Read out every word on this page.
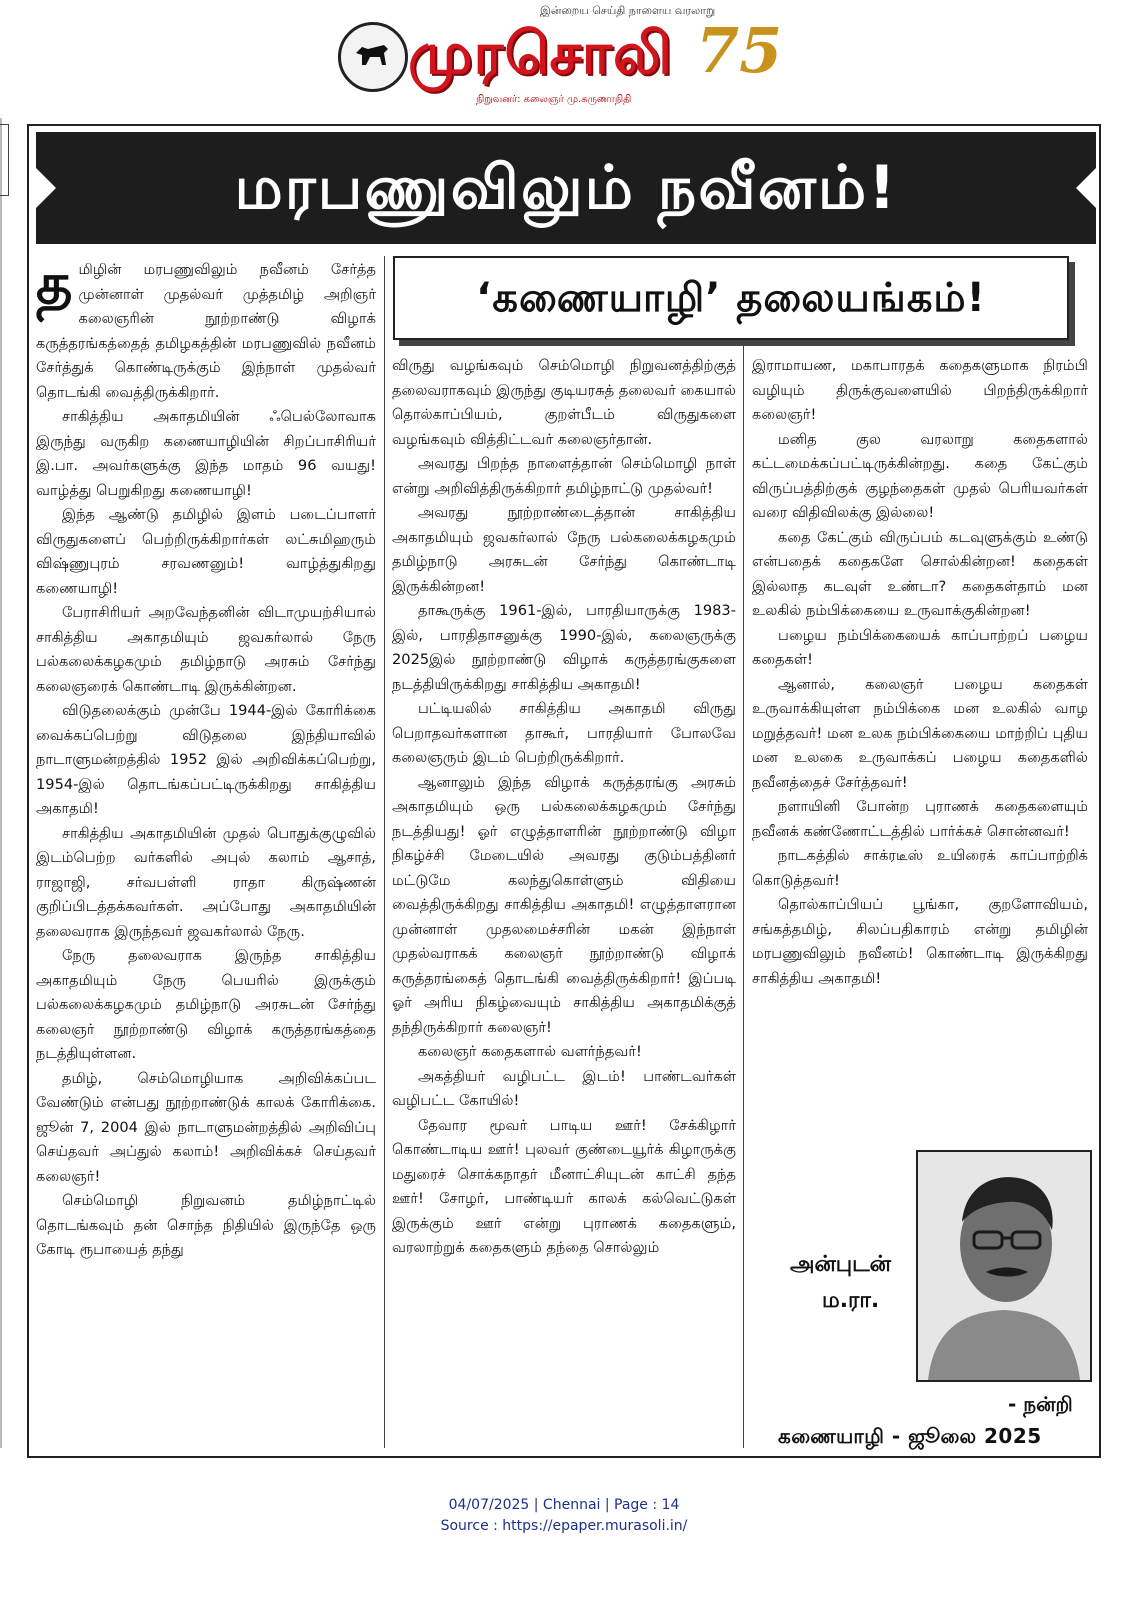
இன்றைய செய்தி நாளைய வரலாறு
முரசொலி
நிறுவனர்: கலைஞர் மு.கருணாநிதி
75
மரபணுவிலும் நவீனம்!
‘கணையாழி’ தலையங்கம்!

தமிழின் மரபணுவிலும் நவீனம் சேர்த்த முன்னாள் முதல்வர் முத்தமிழ் அறிஞர் கலைஞரின் நூற்றாண்டு விழாக் கருத்தரங்கத்தைத் தமிழகத்தின் மரபணுவில் நவீனம் சேர்த்துக் கொண்டிருக்கும் இந்நாள் முதல்வர் தொடங்கி வைத்திருக்கிறார்.

சாகித்திய அகாதமியின் ஃபெல்லோவாக இருந்து வருகிற கணையாழியின் சிறப்பாசிரியர் இ.பா. அவர்களுக்கு இந்த மாதம் 96 வயது! வாழ்த்து பெறுகிறது கணையாழி!

இந்த ஆண்டு தமிழில் இளம் படைப்பாளர் விருதுகளைப் பெற்றிருக்கிறார்கள் லட்சுமிஹரும் விஷ்ணுபுரம் சரவணனும்! வாழ்த்துகிறது கணையாழி!

பேராசிரியர் அறவேந்தனின் விடாமுயற்சியால் சாகித்திய அகாதமியும் ஜவகர்லால் நேரு பல்கலைக்கழகமும் தமிழ்நாடு அரசும் சேர்ந்து கலைஞரைக் கொண்டாடி இருக்கின்றன.

விடுதலைக்கும் முன்பே 1944-இல் கோரிக்கை வைக்கப்பெற்று விடுதலை இந்தியாவில் நாடாளுமன்றத்தில் 1952 இல் அறிவிக்கப்பெற்று, 1954-இல் தொடங்கப்பட்டிருக்கிறது சாகித்திய அகாதமி!

சாகித்திய அகாதமியின் முதல் பொதுக்குழுவில் இடம்பெற்ற வர்களில் அபுல் கலாம் ஆசாத், ராஜாஜி, சர்வபள்ளி ராதா கிருஷ்ணன் குறிப்பிடத்தக்கவர்கள். அப்போது அகாதமியின் தலைவராக இருந்தவர் ஜவகர்லால் நேரு.

நேரு தலைவராக இருந்த சாகித்திய அகாதமியும் நேரு பெயரில் இருக்கும் பல்கலைக்கழகமும் தமிழ்நாடு அரசுடன் சேர்ந்து கலைஞர் நூற்றாண்டு விழாக் கருத்தரங்கத்தை நடத்தியுள்ளன.

தமிழ், செம்மொழியாக அறிவிக்கப்பட வேண்டும் என்பது நூற்றாண்டுக் காலக் கோரிக்கை. ஜூன் 7, 2004 இல் நாடாளுமன்றத்தில் அறிவிப்பு செய்தவர் அப்துல் கலாம்! அறிவிக்கச் செய்தவர் கலைஞர்!

செம்மொழி நிறுவனம் தமிழ்நாட்டில் தொடங்கவும் தன் சொந்த நிதியில் இருந்தே ஒரு கோடி ரூபாயைத் தந்து

விருது வழங்கவும் செம்மொழி நிறுவனத்திற்குத் தலைவராகவும் இருந்து குடியரசுத் தலைவர் கையால் தொல்காப்பியம், குறள்பீடம் விருதுகளை வழங்கவும் வித்திட்டவர் கலைஞர்தான்.

அவரது பிறந்த நாளைத்தான் செம்மொழி நாள் என்று அறிவித்திருக்கிறார் தமிழ்நாட்டு முதல்வர்!

அவரது நூற்றாண்டைத்தான் சாகித்திய அகாதமியும் ஜவகர்லால் நேரு பல்கலைக்கழகமும் தமிழ்நாடு அரசுடன் சேர்ந்து கொண்டாடி இருக்கின்றன!

தாகூருக்கு 1961-இல், பாரதியாருக்கு 1983-இல், பாரதிதாசனுக்கு 1990-இல், கலைஞருக்கு 2025இல் நூற்றாண்டு விழாக் கருத்தரங்குகளை நடத்தியிருக்கிறது சாகித்திய அகாதமி!

பட்டியலில் சாகித்திய அகாதமி விருது பெறாதவர்களான தாகூர், பாரதியார் போலவே கலைஞரும் இடம் பெற்றிருக்கிறார்.

ஆனாலும் இந்த விழாக் கருத்தரங்கு அரசும் அகாதமியும் ஒரு பல்கலைக்கழகமும் சேர்ந்து நடத்தியது! ஓர் எழுத்தாளரின் நூற்றாண்டு விழா நிகழ்ச்சி மேடையில் அவரது குடும்பத்தினர் மட்டுமே கலந்துகொள்ளும் விதியை வைத்திருக்கிறது சாகித்திய அகாதமி! எழுத்தாளரான முன்னாள் முதலமைச்சரின் மகன் இந்நாள் முதல்வராகக் கலைஞர் நூற்றாண்டு விழாக் கருத்தரங்கைத் தொடங்கி வைத்திருக்கிறார்! இப்படி ஓர் அரிய நிகழ்வையும் சாகித்திய அகாதமிக்குத் தந்திருக்கிறார் கலைஞர்!

கலைஞர் கதைகளால் வளர்ந்தவர்!

அகத்தியர் வழிபட்ட இடம்! பாண்டவர்கள் வழிபட்ட கோயில்!

தேவார மூவர் பாடிய ஊர்! சேக்கிழார் கொண்டாடிய ஊர்! புலவர் குண்டையூர்க் கிழாருக்கு மதுரைச் சொக்கநாதர் மீனாட்சியுடன் காட்சி தந்த ஊர்! சோழர், பாண்டியர் காலக் கல்வெட்டுகள் இருக்கும் ஊர் என்று புராணக் கதைகளும், வரலாற்றுக் கதைகளும் தந்தை சொல்லும்

இராமாயண, மகாபாரதக் கதைகளுமாக நிரம்பி வழியும் திருக்குவளையில் பிறந்திருக்கிறார் கலைஞர்!

மனித குல வரலாறு கதைகளால் கட்டமைக்கப்பட்டிருக்கின்றது. கதை கேட்கும் விருப்பத்திற்குக் குழந்தைகள் முதல் பெரியவர்கள் வரை விதிவிலக்கு இல்லை!

கதை கேட்கும் விருப்பம் கடவுளுக்கும் உண்டு என்பதைக் கதைகளே சொல்கின்றன! கதைகள் இல்லாத கடவுள் உண்டா? கதைகள்தாம் மன உலகில் நம்பிக்கையை உருவாக்குகின்றன!

பழைய நம்பிக்கையைக் காப்பாற்றப் பழைய கதைகள்!

ஆனால், கலைஞர் பழைய கதைகள் உருவாக்கியுள்ள நம்பிக்கை மன உலகில் வாழ மறுத்தவர்! மன உலக நம்பிக்கையை மாற்றிப் புதிய மன உலகை உருவாக்கப் பழைய கதைகளில் நவீனத்தைச் சேர்த்தவர்!

நளாயினி போன்ற புராணக் கதைகளையும் நவீனக் கண்ணோட்டத்தில் பார்க்கச் சொன்னவர்!

நாடகத்தில் சாக்ரடீஸ் உயிரைக் காப்பாற்றிக் கொடுத்தவர்!

தொல்காப்பியப் பூங்கா, குறளோவியம், சங்கத்தமிழ், சிலப்பதிகாரம் என்று தமிழின் மரபணுவிலும் நவீனம்! கொண்டாடி இருக்கிறது சாகித்திய அகாதமி!

அன்புடன்
ம.ரா.
- நன்றி
கணையாழி - ஜூலை 2025
04/07/2025 | Chennai | Page : 14
Source : https://epaper.murasoli.in/
